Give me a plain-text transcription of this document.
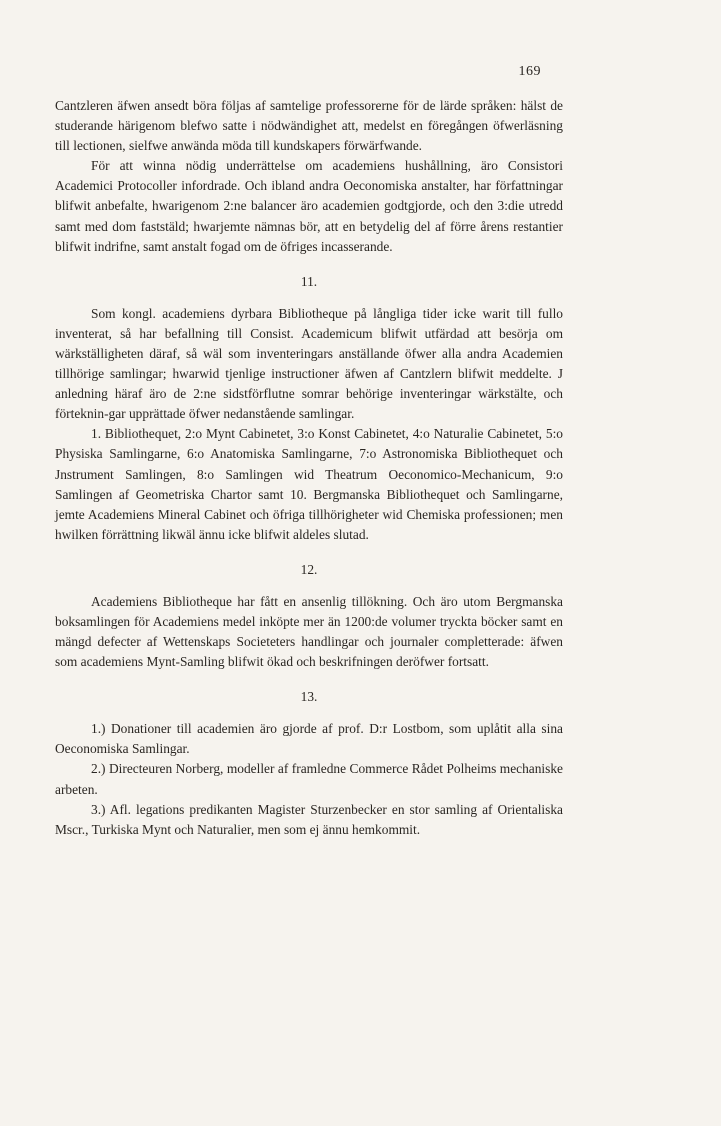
169

Cantzleren äfwen ansedt böra följas af samtelige professorerne för de lärde språken: hälst de studerande härigenom blefwo satte i nödwändighet att, medelst en föregången öfwerläsning till lectionen, sielfwe anwända möda till kundskapers förwärfwande.

För att winna nödig underrättelse om academiens hushållning, äro Consistori Academici Protocoller infordrade. Och ibland andra Oeconomiska anstalter, har författningar blifwit anbefalte, hwarigenom 2:ne balancer äro academien godtgjorde, och den 3:die utredd samt med dom faststäld; hwarjemte nämnas bör, att en betydelig del af förre årens restantier blifwit indrifne, samt anstalt fogad om de öfriges incasserande.

11.

Som kongl. academiens dyrbara Bibliotheque på långliga tider icke warit till fullo inventerat, så har befallning till Consist. Academicum blifwit utfärdad att besörja om wärkställigheten däraf, så wäl som inventeringars anställande öfwer alla andra Academien tillhörige samlingar; hwarwid tjenlige instructioner äfwen af Cantzlern blifwit meddelte. J anledning häraf äro de 2:ne sidstförflutne somrar behörige inventeringar wärkstälte, och förteknin-gar upprättade öfwer nedanstående samlingar.

1. Bibliothequet, 2:o Mynt Cabinetet, 3:o Konst Cabinetet, 4:o Naturalie Cabinetet, 5:o Physiska Samlingarne, 6:o Anatomiska Samlingarne, 7:o Astronomiska Bibliothequet och Jnstrument Samlingen, 8:o Samlingen wid Theatrum Oeconomico-Mechanicum, 9:o Samlingen af Geometriska Chartor samt 10. Bergmanska Bibliothequet och Samlingarne, jemte Academiens Mineral Cabinet och öfriga tillhörigheter wid Chemiska professionen; men hwilken förrättning likwäl ännu icke blifwit aldeles slutad.

12.

Academiens Bibliotheque har fått en ansenlig tillökning. Och äro utom Bergmanska boksamlingen för Academiens medel inköpte mer än 1200:de volumer tryckta böcker samt en mängd defecter af Wettenskaps Societeters handlingar och journaler completterade: äfwen som academiens Mynt-Samling blifwit ökad och beskrifningen deröfwer fortsatt.

13.

1.) Donationer till academien äro gjorde af prof. D:r Lostbom, som uplåtit alla sina Oeconomiska Samlingar.

2.) Directeuren Norberg, modeller af framledne Commerce Rådet Polheims mechaniske arbeten.

3.) Afl. legations predikanten Magister Sturzenbecker en stor samling af Orientaliska Mscr., Turkiska Mynt och Naturalier, men som ej ännu hemkommit.
